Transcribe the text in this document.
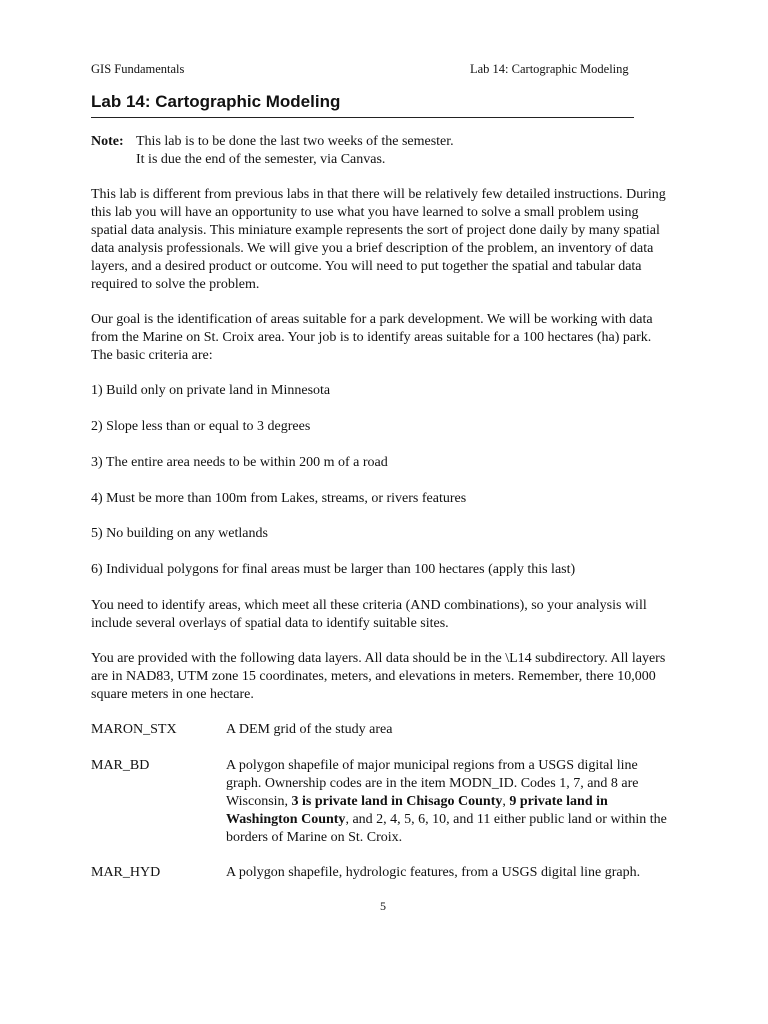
GIS Fundamentals	Lab 14: Cartographic Modeling
Lab 14: Cartographic Modeling
Note: This lab is to be done the last two weeks of the semester.
It is due the end of the semester, via Canvas.

This lab is different from previous labs in that there will be relatively few detailed instructions. During this lab you will have an opportunity to use what you have learned to solve a small problem using spatial data analysis. This miniature example represents the sort of project done daily by many spatial data analysis professionals. We will give you a brief description of the problem, an inventory of data layers, and a desired product or outcome. You will need to put together the spatial and tabular data required to solve the problem.

Our goal is the identification of areas suitable for a park development. We will be working with data from the Marine on St. Croix area. Your job is to identify areas suitable for a 100 hectares (ha) park. The basic criteria are:

1) Build only on private land in Minnesota

2) Slope less than or equal to 3 degrees

3) The entire area needs to be within 200 m of a road

4) Must be more than 100m from Lakes, streams, or rivers features

5) No building on any wetlands

6) Individual polygons for final areas must be larger than 100 hectares (apply this last)

You need to identify areas, which meet all these criteria (AND combinations), so your analysis will include several overlays of spatial data to identify suitable sites.

You are provided with the following data layers. All data should be in the \L14 subdirectory. All layers are in NAD83, UTM zone 15 coordinates, meters, and elevations in meters. Remember, there 10,000 square meters in one hectare.

MARON_STX	A DEM grid of the study area

MAR_BD	A polygon shapefile of major municipal regions from a USGS digital line graph. Ownership codes are in the item MODN_ID. Codes 1, 7, and 8 are Wisconsin, 3 is private land in Chisago County, 9 private land in Washington County, and 2, 4, 5, 6, 10, and 11 either public land or within the borders of Marine on St. Croix.

MAR_HYD	A polygon shapefile, hydrologic features, from a USGS digital line graph.

5
